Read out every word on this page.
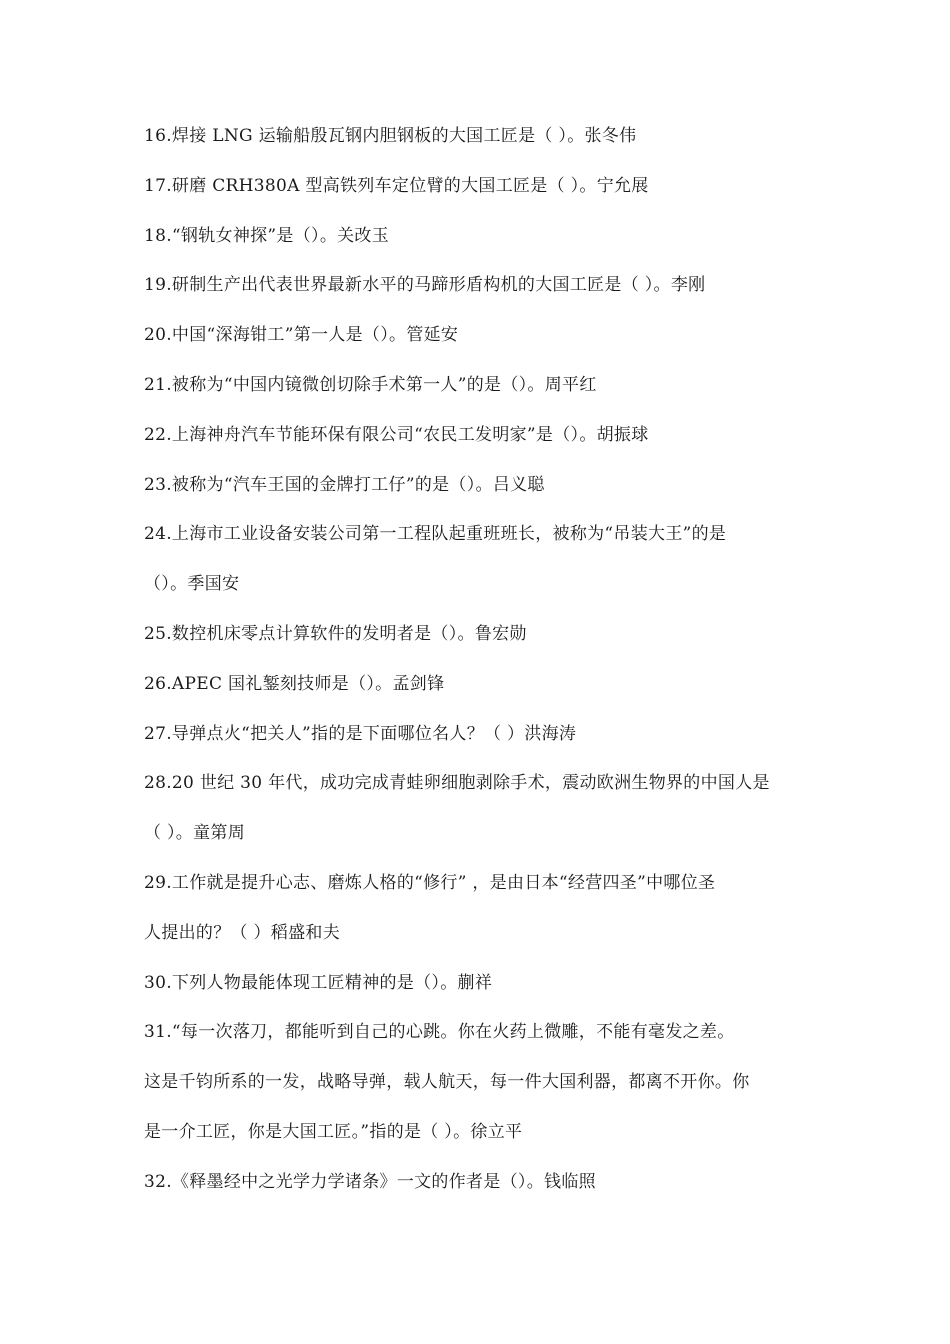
16.焊接 LNG 运输船殷瓦钢内胆钢板的大国工匠是（ ）。张冬伟
17.研磨 CRH380A 型高铁列车定位臂的大国工匠是（ ）。宁允展
18.“钢轨女神探”是（）。关改玉
19.研制生产出代表世界最新水平的马蹄形盾构机的大国工匠是（ ）。李刚
20.中国“深海钳工”第一人是（）。管延安
21.被称为“中国内镜微创切除手术第一人”的是（）。周平红
22.上海神舟汽车节能环保有限公司“农民工发明家”是（）。胡振球
23.被称为“汽车王国的金牌打工仔”的是（）。吕义聪
24.上海市工业设备安装公司第一工程队起重班班长，被称为“吊装大王”的是
（）。季国安
25.数控机床零点计算软件的发明者是（）。鲁宏勋
26.APEC 国礼錾刻技师是（）。孟剑锋
27.导弹点火“把关人”指的是下面哪位名人？（ ）洪海涛
28.20 世纪 30 年代，成功完成青蛙卵细胞剥除手术，震动欧洲生物界的中国人是
（ ）。童第周
29.工作就是提升心志、磨炼人格的“修行” ，是由日本“经营四圣”中哪位圣
人提出的？（ ）稻盛和夫
30.下列人物最能体现工匠精神的是（）。蒯祥
31.“每一次落刀，都能听到自己的心跳。你在火药上微雕，不能有毫发之差。
这是千钧所系的一发，战略导弹，载人航天，每一件大国利器，都离不开你。你
是一介工匠，你是大国工匠。”指的是（ ）。徐立平
32.《释墨经中之光学力学诸条》一文的作者是（）。钱临照
